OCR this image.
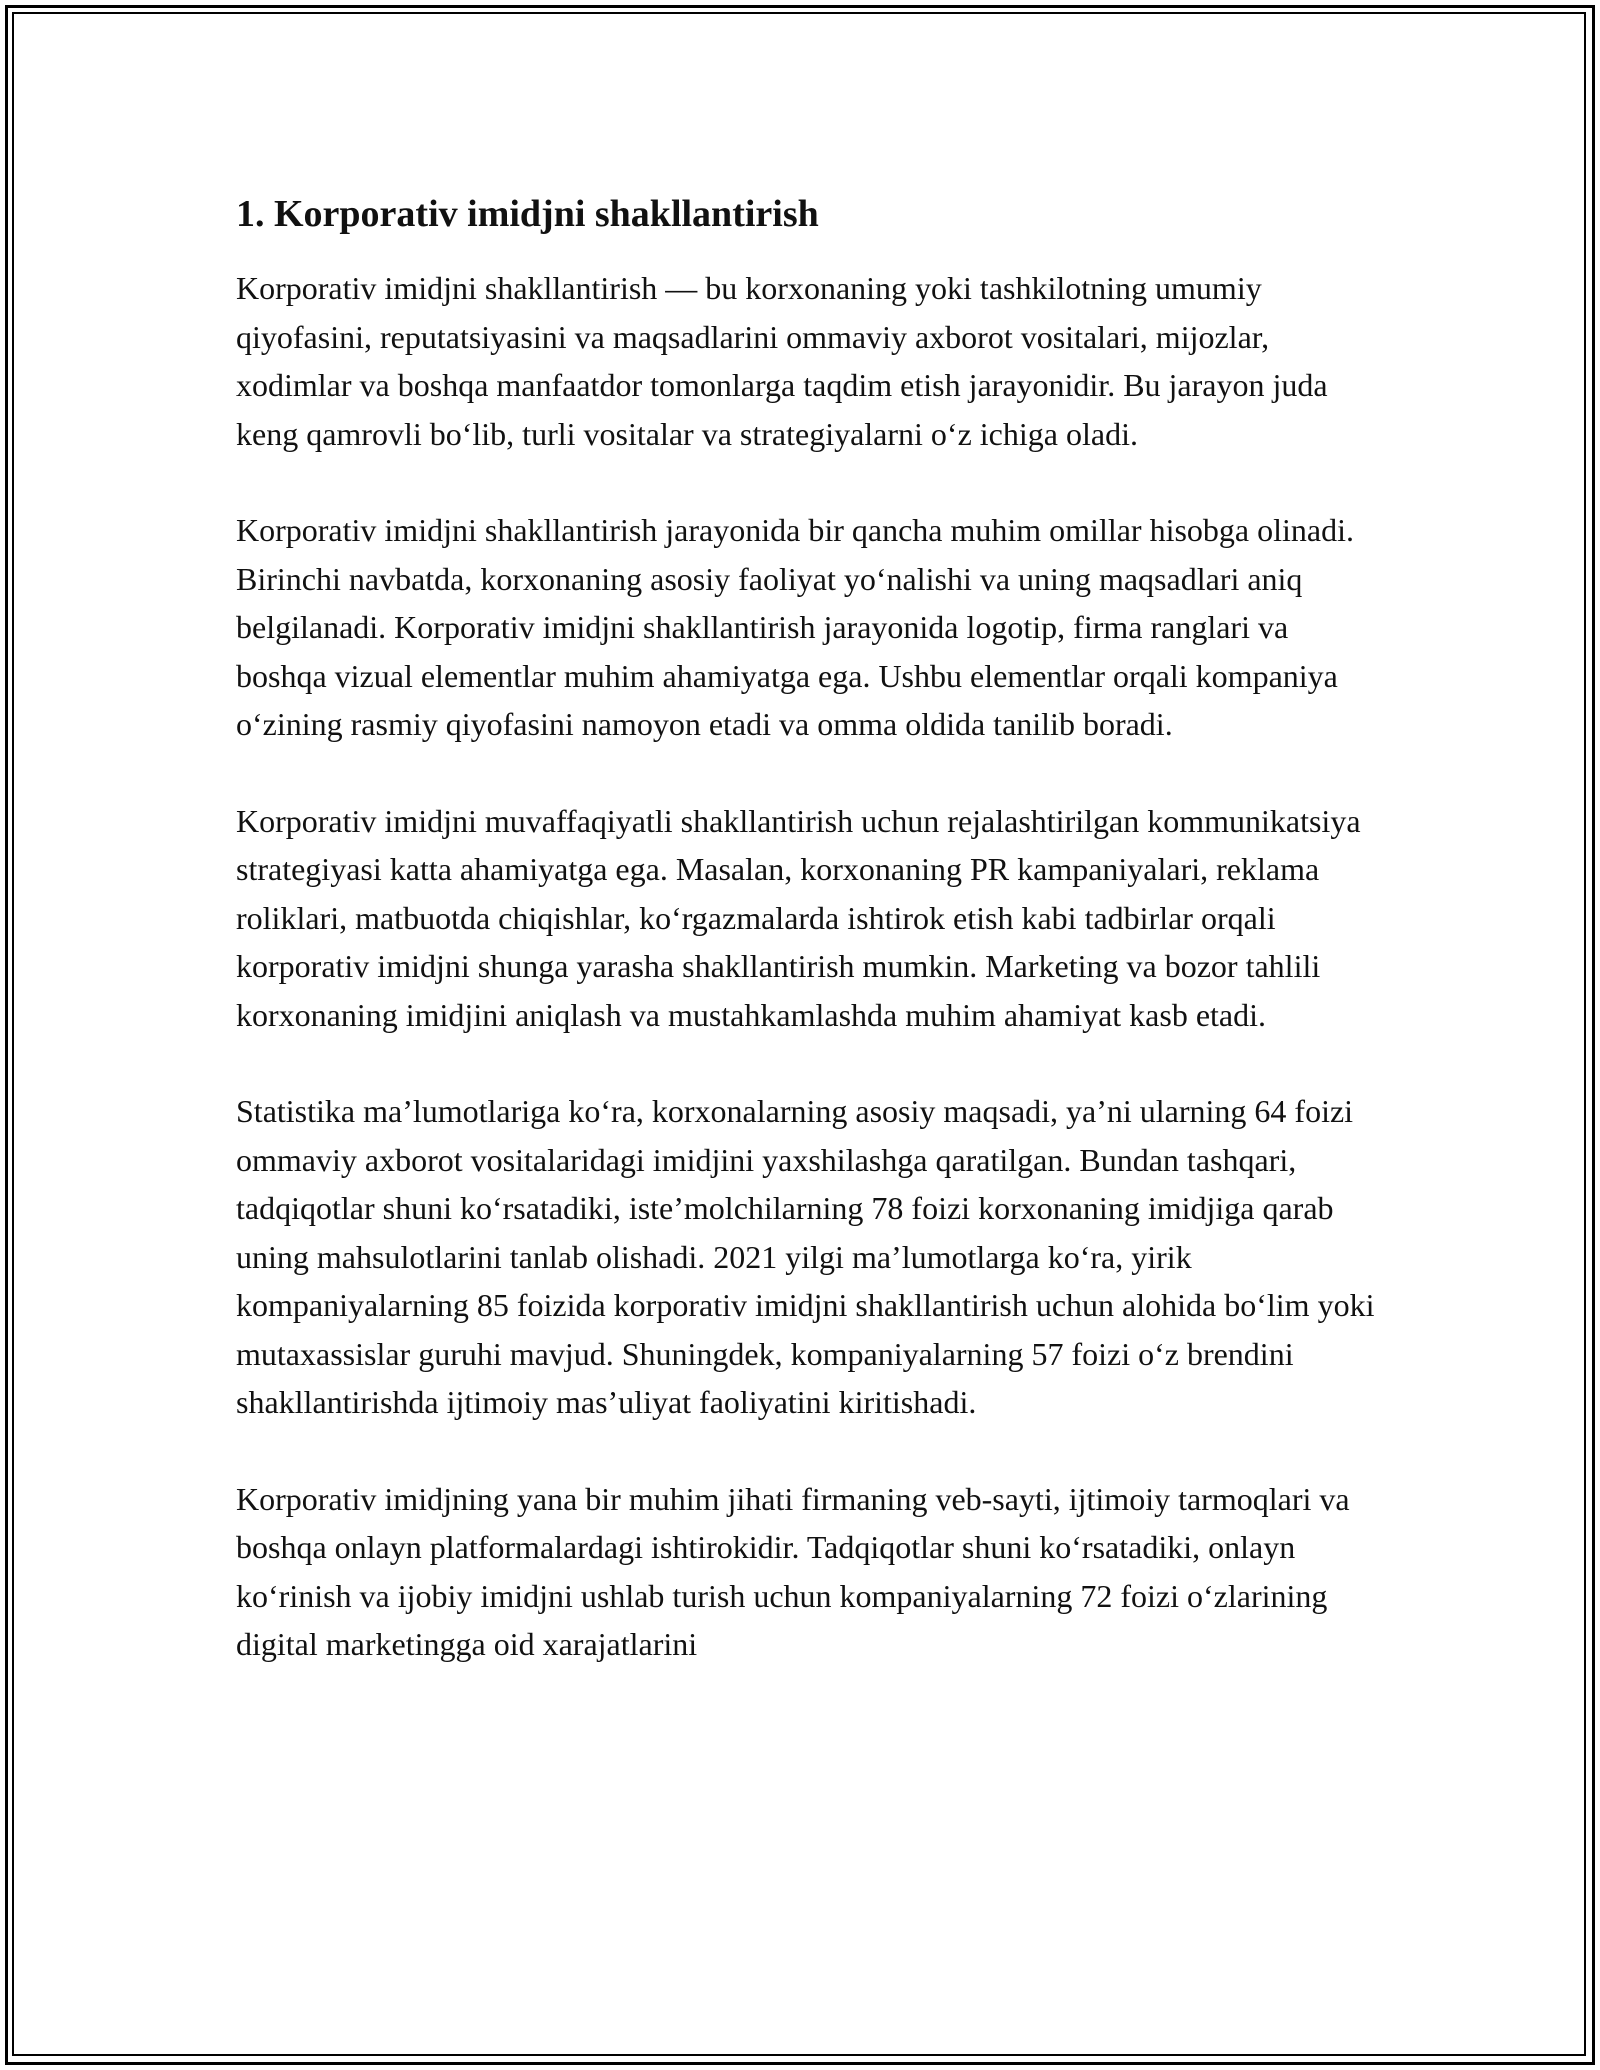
1. Korporativ imidjni shakllantirish

Korporativ imidjni shakllantirish — bu korxonaning yoki tashkilotning umumiy qiyofasini, reputatsiyasini va maqsadlarini ommaviy axborot vositalari, mijozlar, xodimlar va boshqa manfaatdor tomonlarga taqdim etish jarayonidir. Bu jarayon juda keng qamrovli bo‘lib, turli vositalar va strategiyalarni o‘z ichiga oladi.

Korporativ imidjni shakllantirish jarayonida bir qancha muhim omillar hisobga olinadi. Birinchi navbatda, korxonaning asosiy faoliyat yo‘nalishi va uning maqsadlari aniq belgilanadi. Korporativ imidjni shakllantirish jarayonida logotip, firma ranglari va boshqa vizual elementlar muhim ahamiyatga ega. Ushbu elementlar orqali kompaniya o‘zining rasmiy qiyofasini namoyon etadi va omma oldida tanilib boradi.

Korporativ imidjni muvaffaqiyatli shakllantirish uchun rejalashtirilgan kommunikatsiya strategiyasi katta ahamiyatga ega. Masalan, korxonaning PR kampaniyalari, reklama roliklari, matbuotda chiqishlar, ko‘rgazmalarda ishtirok etish kabi tadbirlar orqali korporativ imidjni shunga yarasha shakllantirish mumkin. Marketing va bozor tahlili korxonaning imidjini aniqlash va mustahkamlashda muhim ahamiyat kasb etadi.

Statistika ma’lumotlariga ko‘ra, korxonalarning asosiy maqsadi, ya’ni ularning 64 foizi ommaviy axborot vositalaridagi imidjini yaxshilashga qaratilgan. Bundan tashqari, tadqiqotlar shuni ko‘rsatadiki, iste’molchilarning 78 foizi korxonaning imidjiga qarab uning mahsulotlarini tanlab olishadi. 2021 yilgi ma’lumotlarga ko‘ra, yirik kompaniyalarning 85 foizida korporativ imidjni shakllantirish uchun alohida bo‘lim yoki mutaxassislar guruhi mavjud. Shuningdek, kompaniyalarning 57 foizi o‘z brendini shakllantirishda ijtimoiy mas’uliyat faoliyatini kiritishadi.

Korporativ imidjning yana bir muhim jihati firmaning veb-sayti, ijtimoiy tarmoqlari va boshqa onlayn platformalardagi ishtirokidir. Tadqiqotlar shuni ko‘rsatadiki, onlayn ko‘rinish va ijobiy imidjni ushlab turish uchun kompaniyalarning 72 foizi o‘zlarining digital marketingga oid xarajatlarini
